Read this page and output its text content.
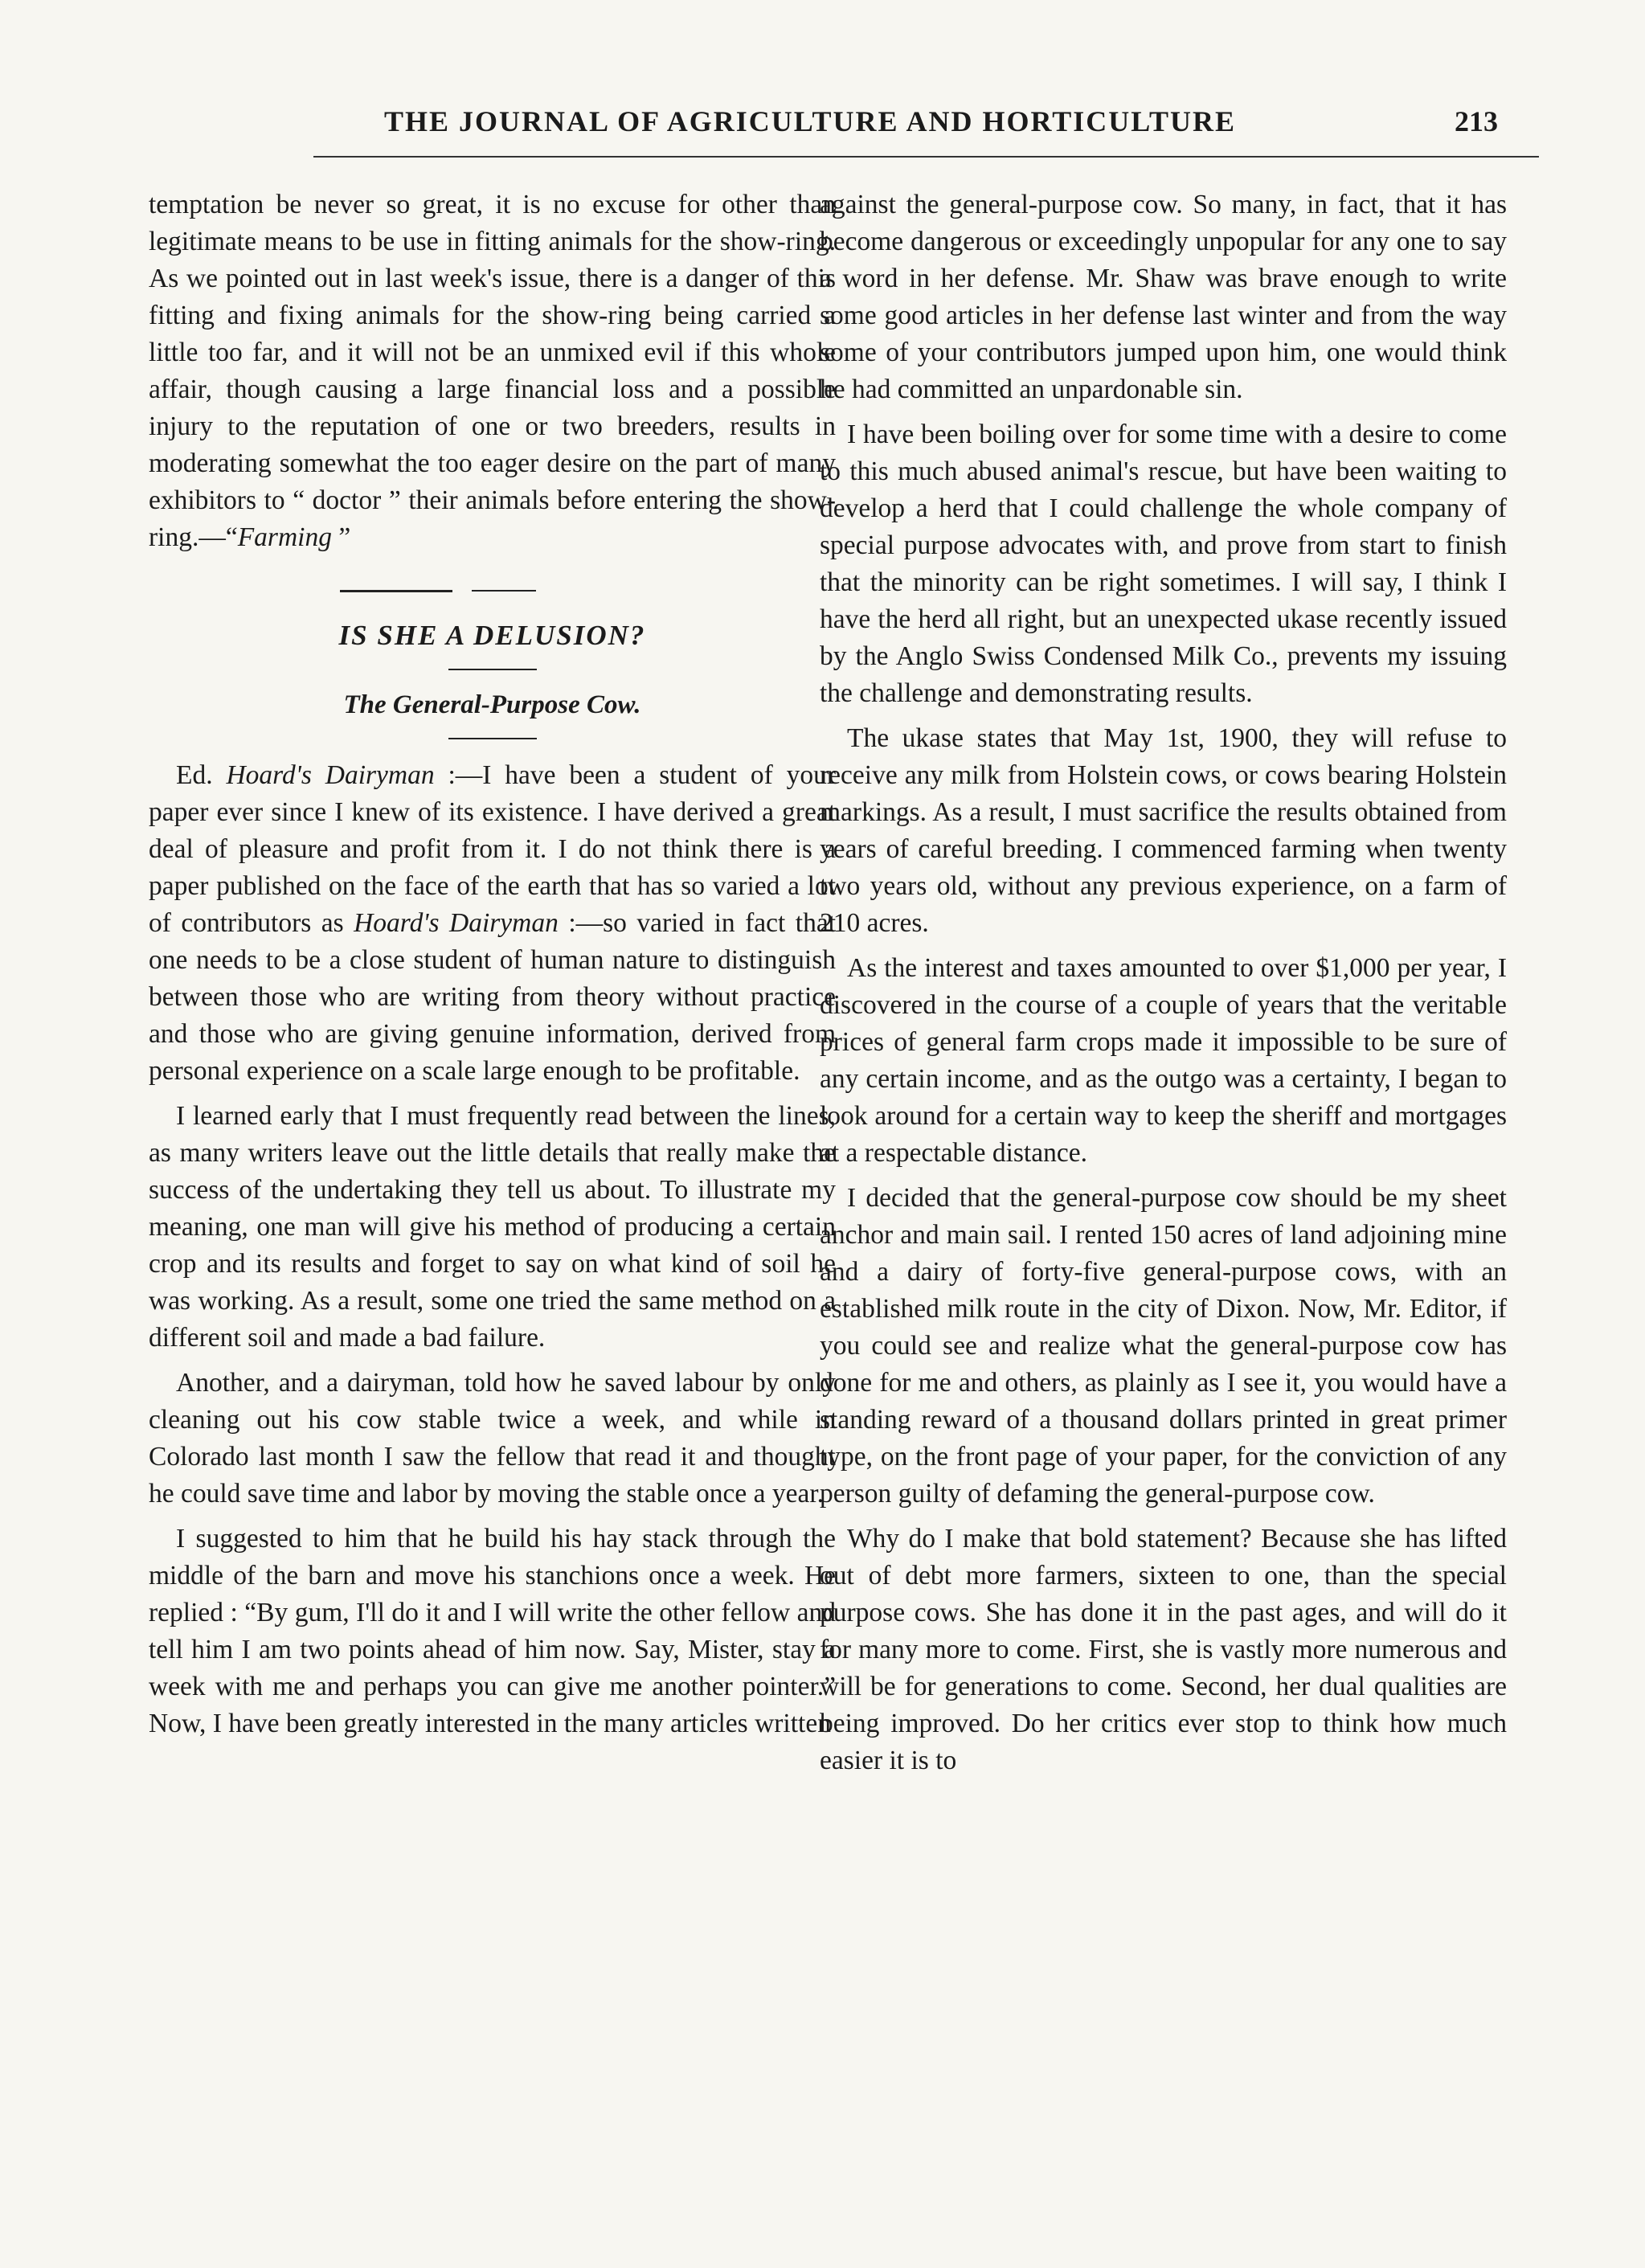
THE JOURNAL OF AGRICULTURE AND HORTICULTURE	213

temptation be never so great, it is no excuse for other than legitimate means to be use in fitting animals for the show-ring. As we pointed out in last week's issue, there is a danger of this fitting and fixing animals for the show-ring being carried a little too far, and it will not be an unmixed evil if this whole affair, though causing a large financial loss and a possible injury to the reputation of one or two breeders, results in moderating somewhat the too eager desire on the part of many exhibitors to “ doctor ” their animals before entering the show-ring.—“Farming ”

IS SHE A DELUSION?
The General-Purpose Cow.

Ed. Hoard's Dairyman :—I have been a student of your paper ever since I knew of its existence. I have derived a great deal of pleasure and profit from it. I do not think there is a paper published on the face of the earth that has so varied a lot of contributors as Hoard's Dairyman :—so varied in fact that one needs to be a close student of human nature to distinguish between those who are writing from theory without practice and those who are giving genuine information, derived from personal experience on a scale large enough to be profitable.

I learned early that I must frequently read between the lines, as many writers leave out the little details that really make the success of the undertaking they tell us about. To illustrate my meaning, one man will give his method of producing a certain crop and its results and forget to say on what kind of soil he was working. As a result, some one tried the same method on a different soil and made a bad failure.

Another, and a dairyman, told how he saved labour by only cleaning out his cow stable twice a week, and while in Colorado last month I saw the fellow that read it and thought he could save time and labor by moving the stable once a year.

I suggested to him that he build his hay stack through the middle of the barn and move his stanchions once a week. He replied : “By gum, I'll do it and I will write the other fellow and tell him I am two points ahead of him now. Say, Mister, stay a week with me and perhaps you can give me another pointer.” Now, I have been greatly interested in the many articles written

against the general-purpose cow. So many, in fact, that it has become dangerous or exceedingly unpopular for any one to say a word in her defense. Mr. Shaw was brave enough to write some good articles in her defense last winter and from the way some of your contributors jumped upon him, one would think he had committed an unpardonable sin.

I have been boiling over for some time with a desire to come to this much abused animal's rescue, but have been waiting to develop a herd that I could challenge the whole company of special purpose advocates with, and prove from start to finish that the minority can be right sometimes. I will say, I think I have the herd all right, but an unexpected ukase recently issued by the Anglo Swiss Condensed Milk Co., prevents my issuing the challenge and demonstrating results.

The ukase states that May 1st, 1900, they will refuse to receive any milk from Holstein cows, or cows bearing Holstein markings. As a result, I must sacrifice the results obtained from years of careful breeding. I commenced farming when twenty two years old, without any previous experience, on a farm of 210 acres.

As the interest and taxes amounted to over $1,000 per year, I discovered in the course of a couple of years that the veritable prices of general farm crops made it impossible to be sure of any certain income, and as the outgo was a certainty, I began to look around for a certain way to keep the sheriff and mortgages at a respectable distance.

I decided that the general-purpose cow should be my sheet anchor and main sail. I rented 150 acres of land adjoining mine and a dairy of forty-five general-purpose cows, with an established milk route in the city of Dixon. Now, Mr. Editor, if you could see and realize what the general-purpose cow has done for me and others, as plainly as I see it, you would have a standing reward of a thousand dollars printed in great primer type, on the front page of your paper, for the conviction of any person guilty of defaming the general-purpose cow.

Why do I make that bold statement? Because she has lifted out of debt more farmers, sixteen to one, than the special purpose cows. She has done it in the past ages, and will do it for many more to come. First, she is vastly more numerous and will be for generations to come. Second, her dual qualities are being improved. Do her critics ever stop to think how much easier it is to
